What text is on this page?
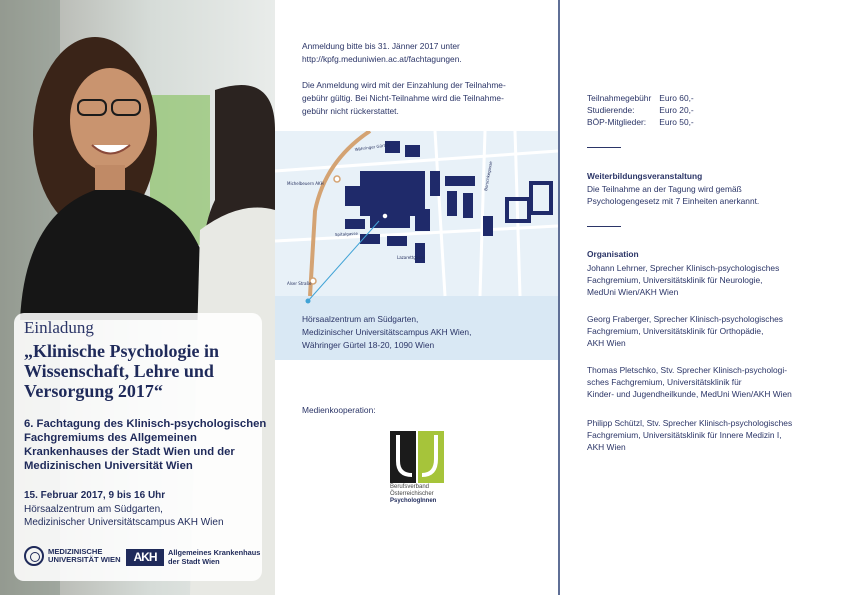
Einladung

„Klinische Psychologie in Wissenschaft, Lehre und Versorgung 2017“

6. Fachtagung des Klinisch-psychologischen Fachgremiums des Allgemeinen Krankenhauses der Stadt Wien und der Medizinischen Universität Wien

15. Februar 2017, 9 bis 16 Uhr

Hörsaalzentrum am Südgarten,
Medizinischer Universitätscampus AKH Wien

MEDIZINISCHE
UNIVERSITÄT WIEN	AKH	Allgemeines Krankenhaus
der Stadt Wien

Anmeldung bitte bis 31. Jänner 2017 unter
http://kpfg.meduniwien.ac.at/fachtagungen.

Die Anmeldung wird mit der Einzahlung der Teilnahme-
gebühr gültig. Bei Nicht-Teilnahme wird die Teilnahme-
gebühr nicht rückerstattet.

Währinger Gürtel
Spitalgasse
Michelbeuern AKH
Alser Straße
Lazarettgasse
Borschkegasse

Hörsaalzentrum am Südgarten,
Medizinischer Universitätscampus AKH Wien,
Währinger Gürtel 18-20, 1090 Wien

Medienkooperation:

Berufsverband
Österreichischer
PsychologInnen
Teilnahmegebühr	Euro 60,-
Studierende:	Euro 20,-
BÖP-Mitglieder:	Euro 50,-

Weiterbildungsveranstaltung

Die Teilnahme an der Tagung wird gemäß
Psychologengesetz mit 7 Einheiten anerkannt.

Organisation

Johann Lehrner, Sprecher Klinisch-psychologisches
Fachgremium, Universitätsklinik für Neurologie,
MedUni Wien/AKH Wien

Georg Fraberger, Sprecher Klinisch-psychologisches
Fachgremium, Universitätsklinik für Orthopädie,
AKH Wien

Thomas Pletschko, Stv. Sprecher Klinisch-psychologi-
sches Fachgremium, Universitätsklinik für
Kinder- und Jugendheilkunde, MedUni Wien/AKH Wien

Philipp Schützl, Stv. Sprecher Klinisch-psychologisches
Fachgremium, Universitätsklinik für Innere Medizin I,
AKH Wien
